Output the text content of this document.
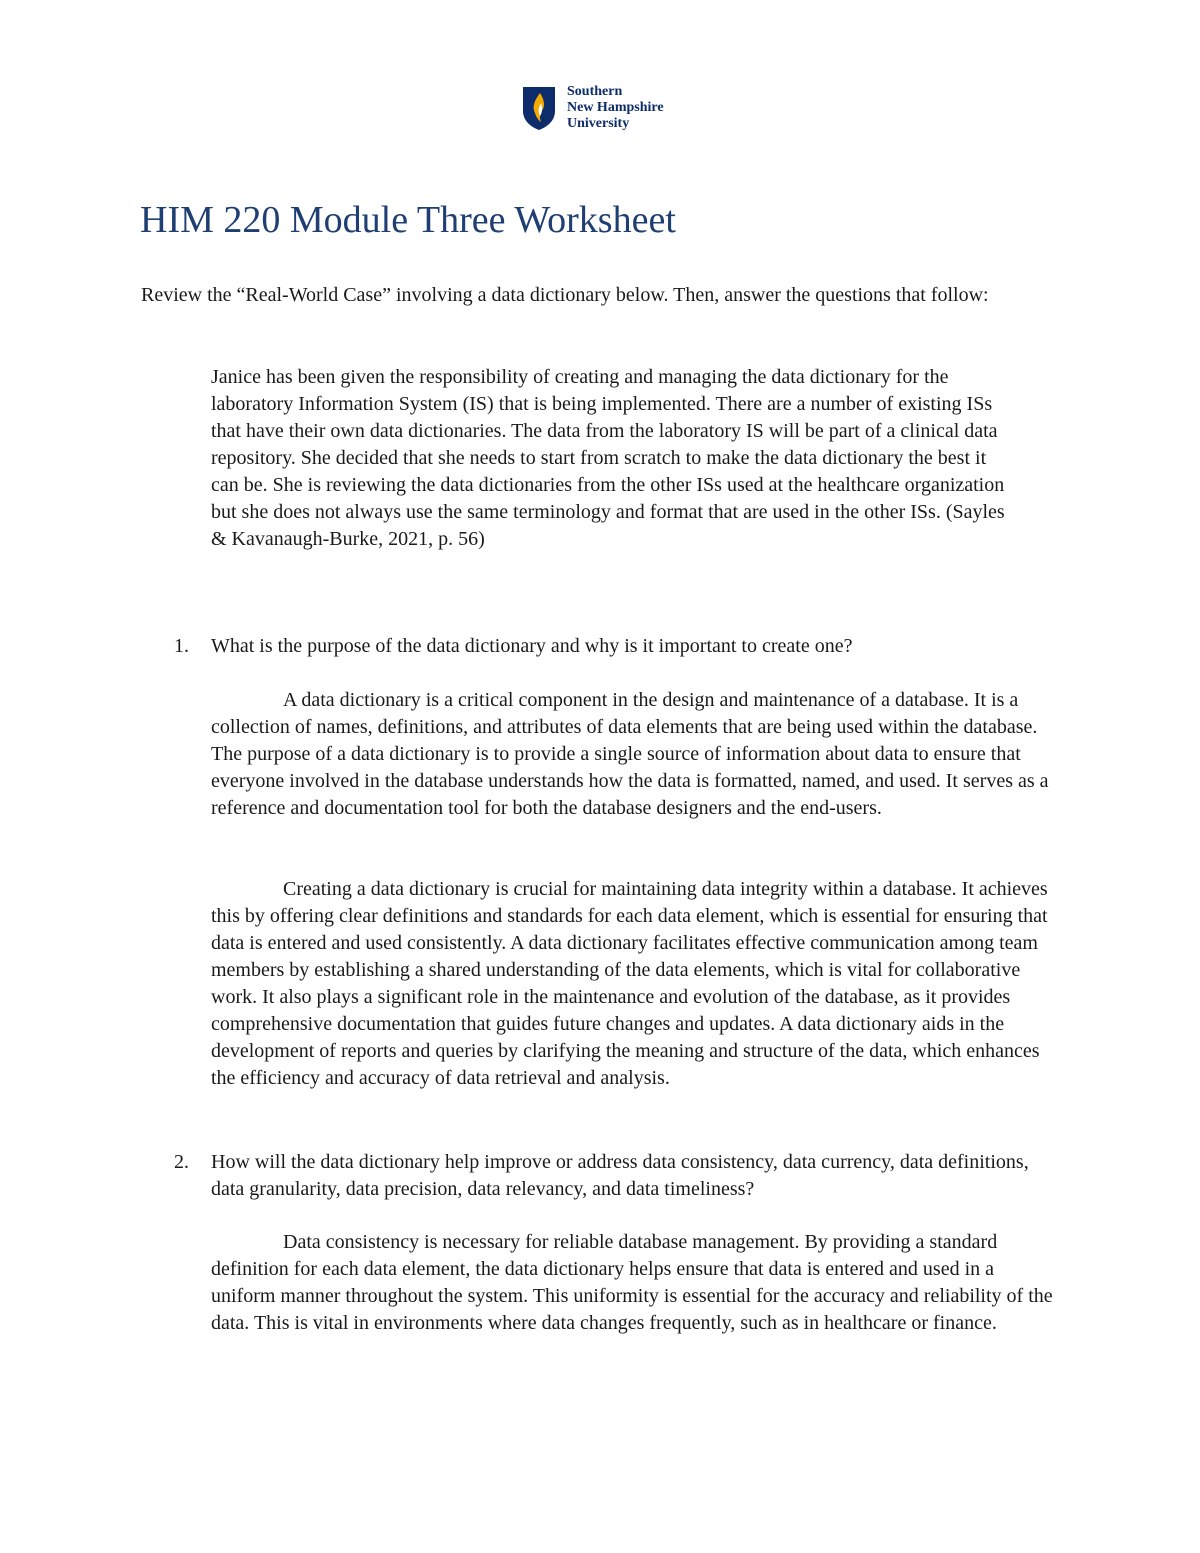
Southern
New Hampshire
University
HIM 220 Module Three Worksheet

Review the “Real-World Case” involving a data dictionary below. Then, answer the questions that follow:

Janice has been given the responsibility of creating and managing the data dictionary for the laboratory Information System (IS) that is being implemented. There are a number of existing ISs that have their own data dictionaries. The data from the laboratory IS will be part of a clinical data repository. She decided that she needs to start from scratch to make the data dictionary the best it can be. She is reviewing the data dictionaries from the other ISs used at the healthcare organization but she does not always use the same terminology and format that are used in the other ISs. (Sayles & Kavanaugh-Burke, 2021, p. 56)

1.	What is the purpose of the data dictionary and why is it important to create one?

A data dictionary is a critical component in the design and maintenance of a database. It is a collection of names, definitions, and attributes of data elements that are being used within the database. The purpose of a data dictionary is to provide a single source of information about data to ensure that everyone involved in the database understands how the data is formatted, named, and used. It serves as a reference and documentation tool for both the database designers and the end-users.

Creating a data dictionary is crucial for maintaining data integrity within a database. It achieves this by offering clear definitions and standards for each data element, which is essential for ensuring that data is entered and used consistently. A data dictionary facilitates effective communication among team members by establishing a shared understanding of the data elements, which is vital for collaborative work. It also plays a significant role in the maintenance and evolution of the database, as it provides comprehensive documentation that guides future changes and updates. A data dictionary aids in the development of reports and queries by clarifying the meaning and structure of the data, which enhances the efficiency and accuracy of data retrieval and analysis.

2.	How will the data dictionary help improve or address data consistency, data currency, data definitions, data granularity, data precision, data relevancy, and data timeliness?

Data consistency is necessary for reliable database management. By providing a standard definition for each data element, the data dictionary helps ensure that data is entered and used in a uniform manner throughout the system. This uniformity is essential for the accuracy and reliability of the data. This is vital in environments where data changes frequently, such as in healthcare or finance.
